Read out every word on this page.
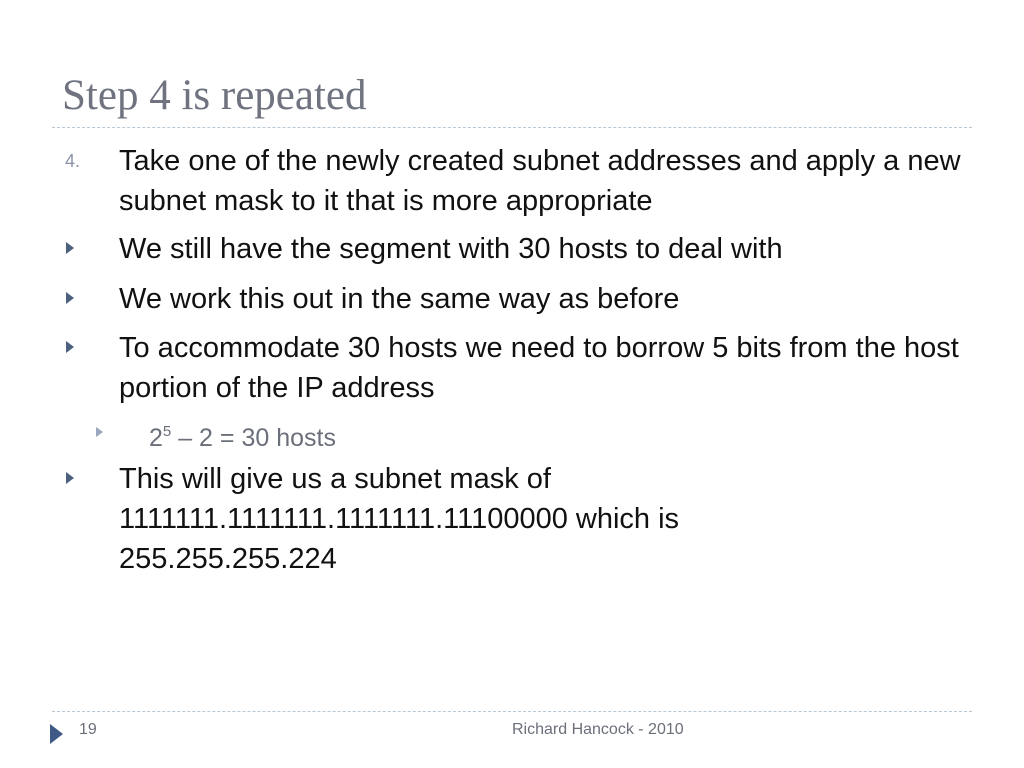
Step 4 is repeated
4. Take one of the newly created subnet addresses and apply a new subnet mask to it that is more appropriate
We still have the segment with 30 hosts to deal with
We work this out in the same way as before
To accommodate 30 hosts we need to borrow 5 bits from the host portion of the IP address
$2^5 - 2 = 30$ hosts
This will give us a subnet mask of 1111111.1111111.1111111.11100000 which is 255.255.255.224
19	Richard Hancock - 2010
